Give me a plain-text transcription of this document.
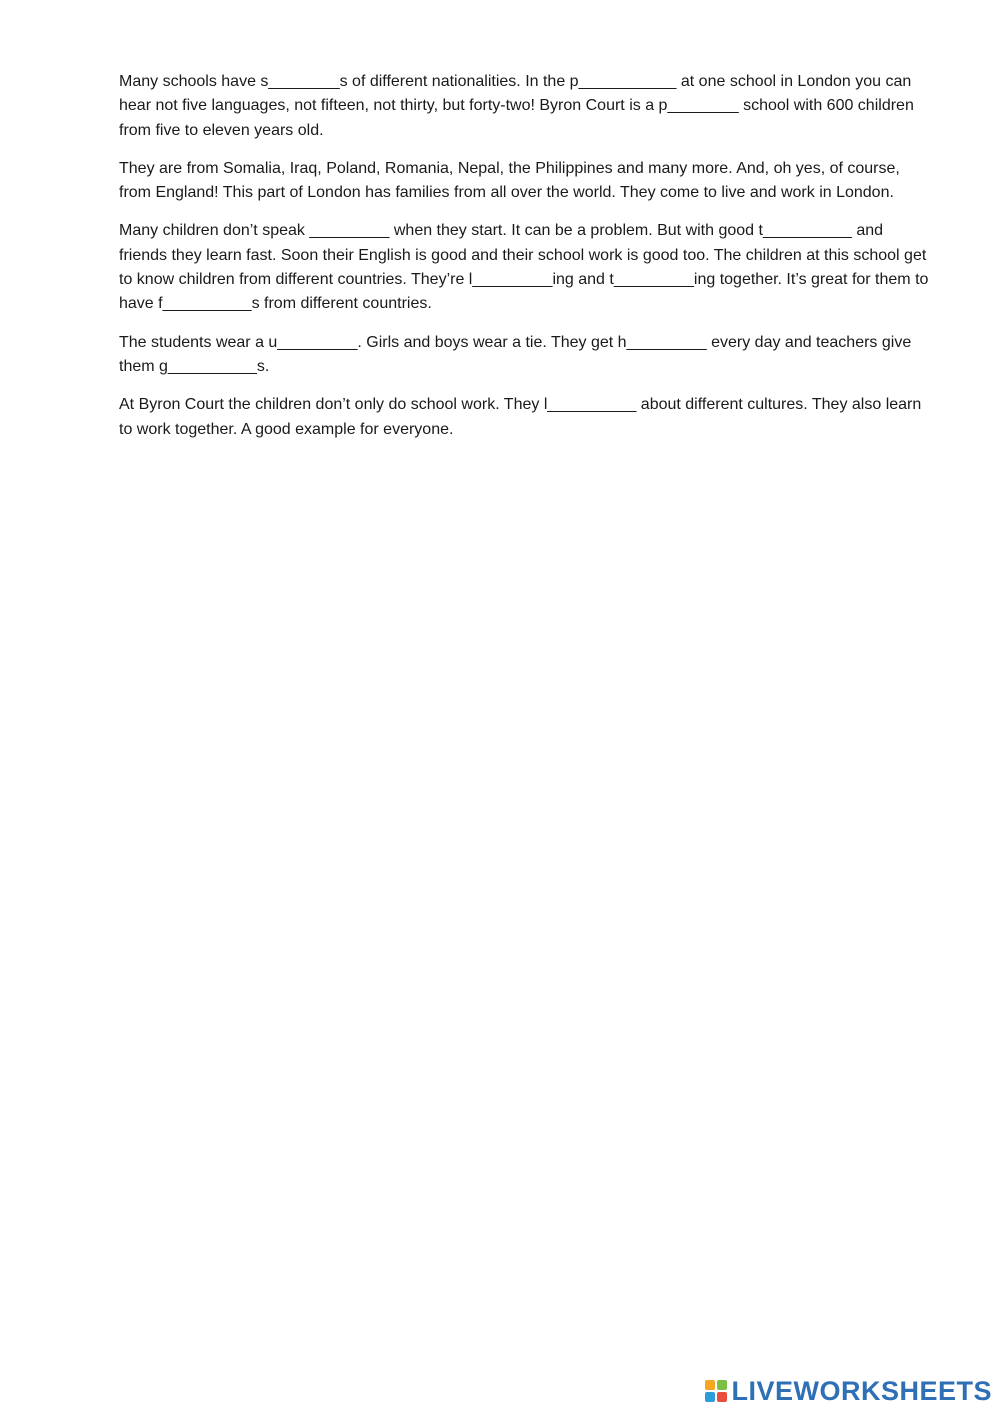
Many schools have s________s of different nationalities. In the p___________ at one school in London you can hear not five languages, not fifteen, not thirty, but forty-two! Byron Court is a p________ school with 600 children from five to eleven years old.

They are from Somalia, Iraq, Poland, Romania, Nepal, the Philippines and many more. And, oh yes, of course, from England! This part of London has families from all over the world. They come to live and work in London.

Many children don’t speak _________ when they start. It can be a problem. But with good t__________ and friends they learn fast. Soon their English is good and their school work is good too. The children at this school get to know children from different countries. They’re l_________ing and t_________ing together. It’s great for them to have f__________s from different countries.

The students wear a u_________. Girls and boys wear a tie. They get h_________ every day and teachers give them g__________s.

At Byron Court the children don’t only do school work. They l__________ about different cultures. They also learn to work together. A good example for everyone.

LIVEWORKSHEETS
